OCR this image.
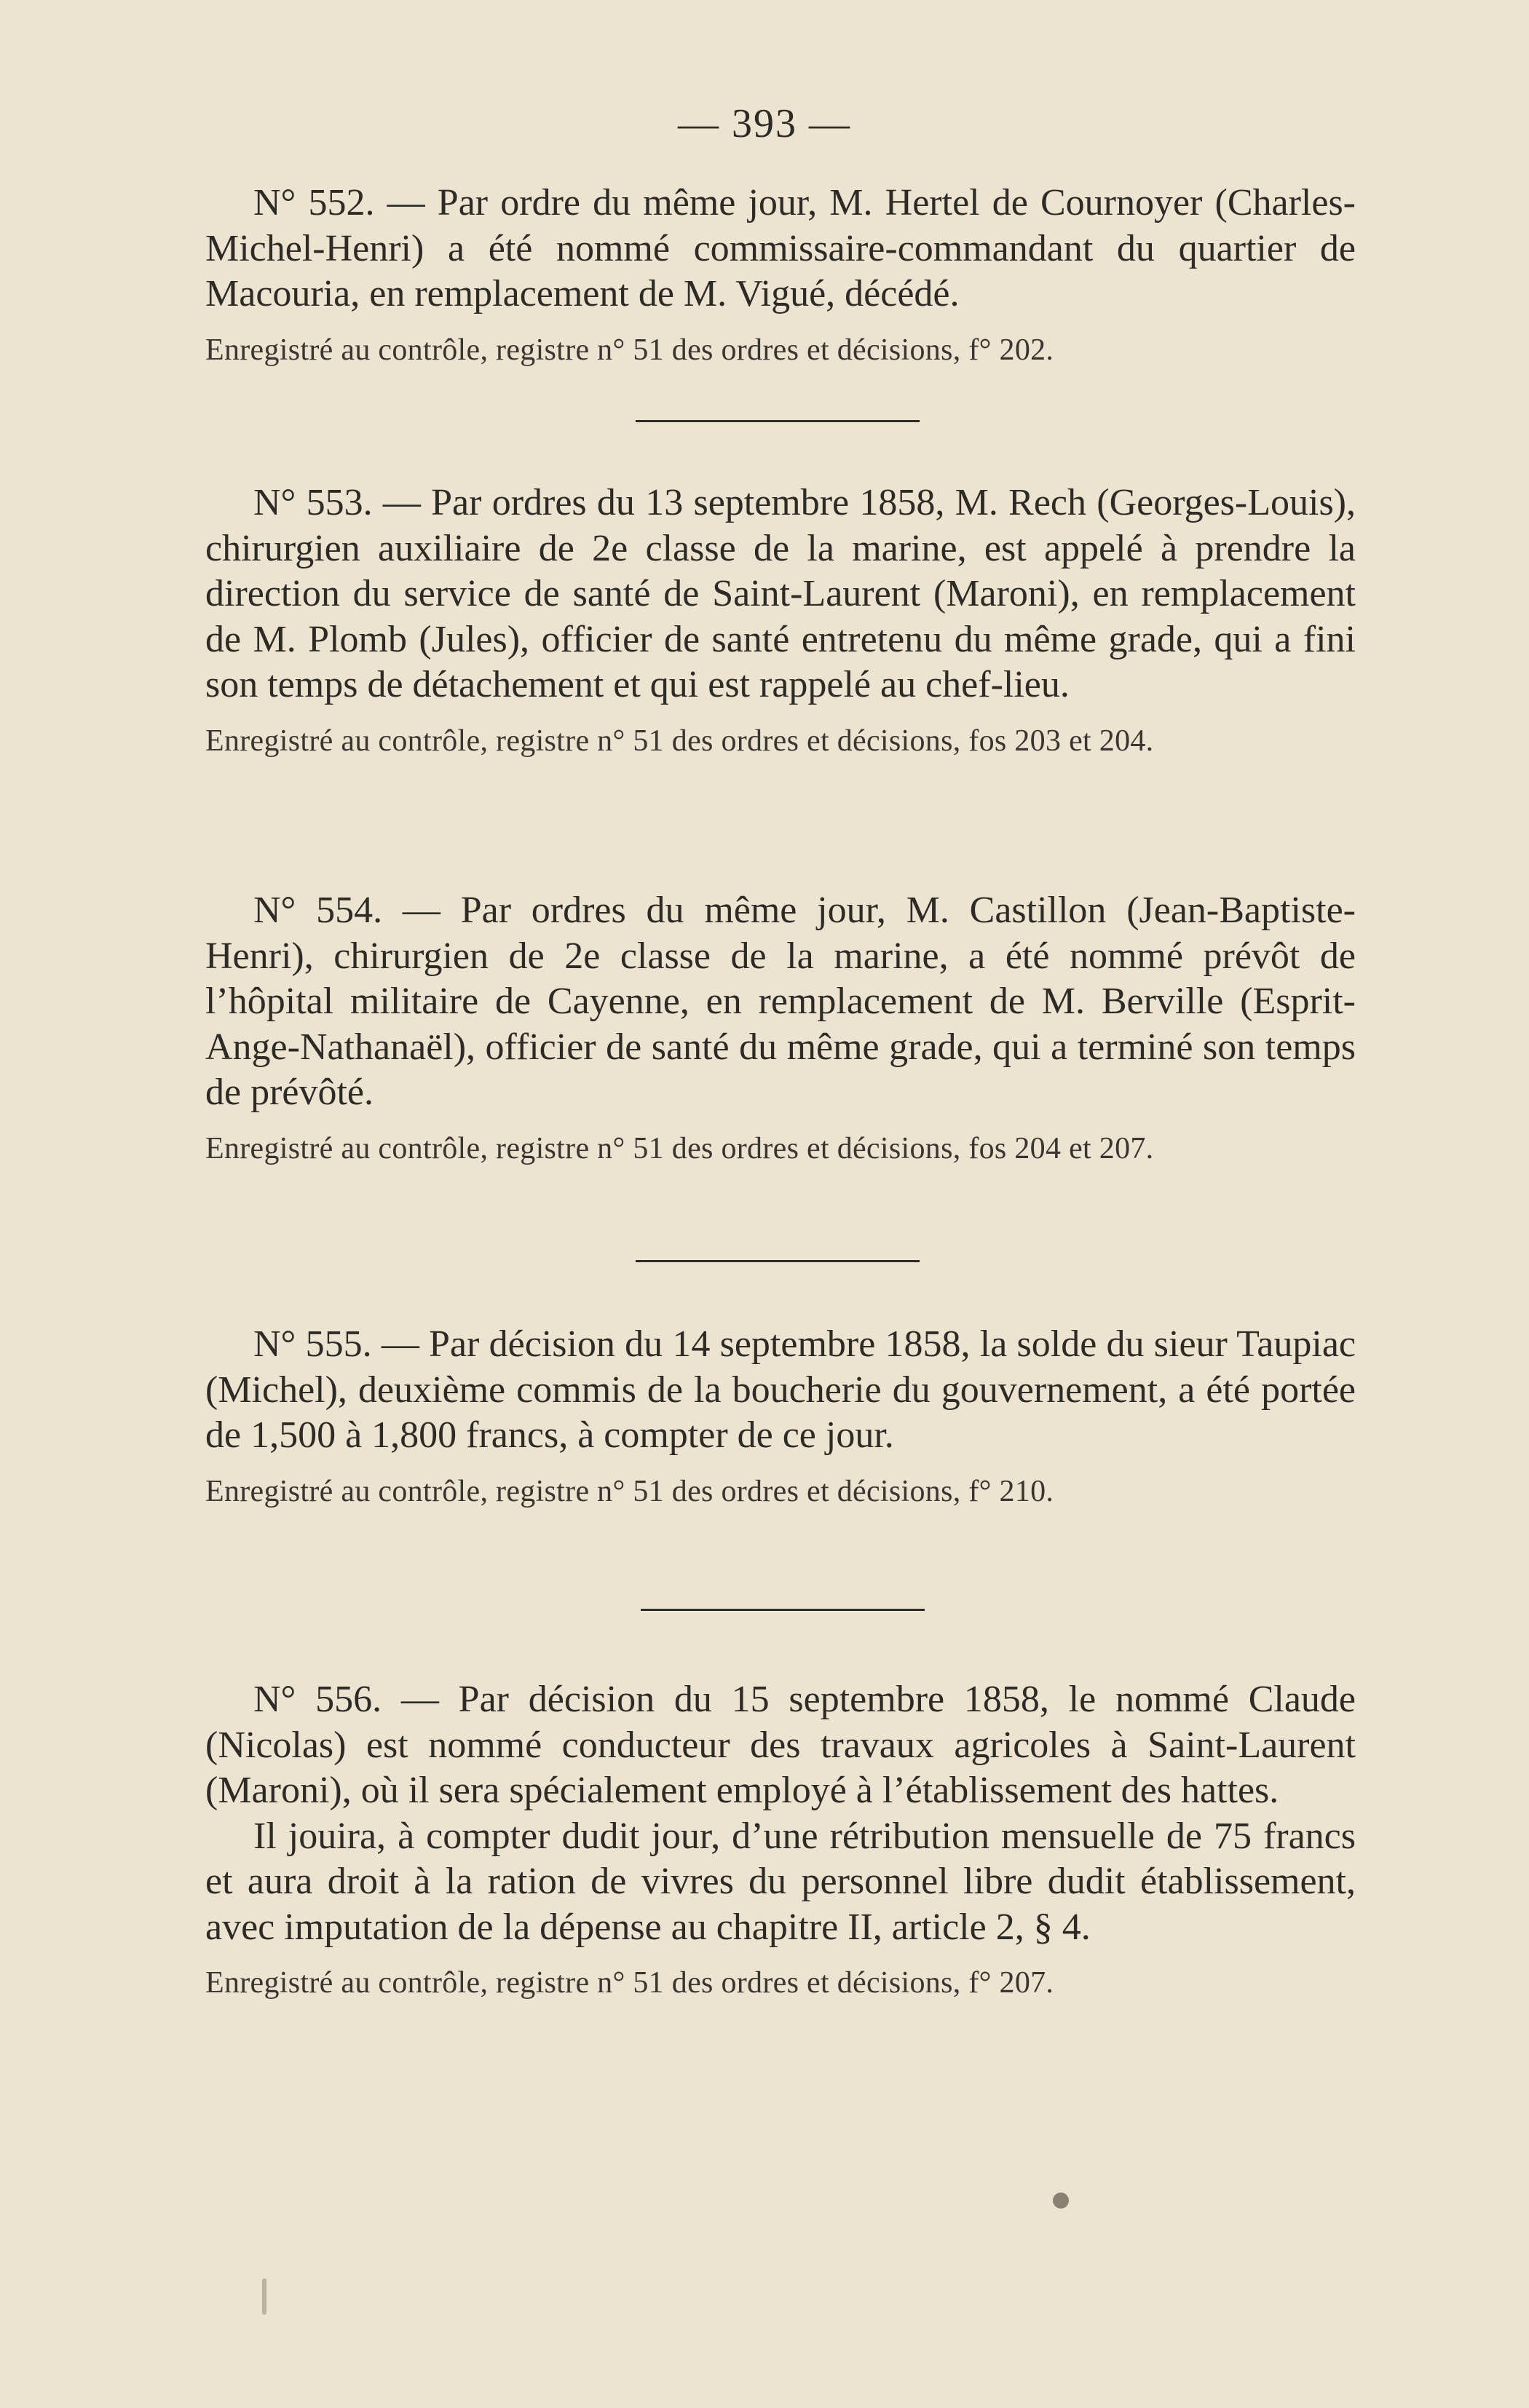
— 393 —

N° 552. — Par ordre du même jour, M. Hertel de Cournoyer (Charles-Michel-Henri) a été nommé commissaire-commandant du quartier de Macouria, en remplacement de M. Vigué, décédé.

Enregistré au contrôle, registre n° 51 des ordres et décisions, f° 202.

N° 553. — Par ordres du 13 septembre 1858, M. Rech (Georges-Louis), chirurgien auxiliaire de 2e classe de la marine, est appelé à prendre la direction du service de santé de Saint-Laurent (Maroni), en remplacement de M. Plomb (Jules), officier de santé entretenu du même grade, qui a fini son temps de détachement et qui est rappelé au chef-lieu.

Enregistré au contrôle, registre n° 51 des ordres et décisions, fos 203 et 204.

N° 554. — Par ordres du même jour, M. Castillon (Jean-Baptiste-Henri), chirurgien de 2e classe de la marine, a été nommé prévôt de l’hôpital militaire de Cayenne, en remplacement de M. Berville (Esprit-Ange-Nathanaël), officier de santé du même grade, qui a terminé son temps de prévôté.

Enregistré au contrôle, registre n° 51 des ordres et décisions, fos 204 et 207.

N° 555. — Par décision du 14 septembre 1858, la solde du sieur Taupiac (Michel), deuxième commis de la boucherie du gouvernement, a été portée de 1,500 à 1,800 francs, à compter de ce jour.

Enregistré au contrôle, registre n° 51 des ordres et décisions, f° 210.

N° 556. — Par décision du 15 septembre 1858, le nommé Claude (Nicolas) est nommé conducteur des travaux agricoles à Saint-Laurent (Maroni), où il sera spécialement employé à l’établissement des hattes.

Il jouira, à compter dudit jour, d’une rétribution mensuelle de 75 francs et aura droit à la ration de vivres du personnel libre dudit établissement, avec imputation de la dépense au chapitre II, article 2, § 4.

Enregistré au contrôle, registre n° 51 des ordres et décisions, f° 207.
